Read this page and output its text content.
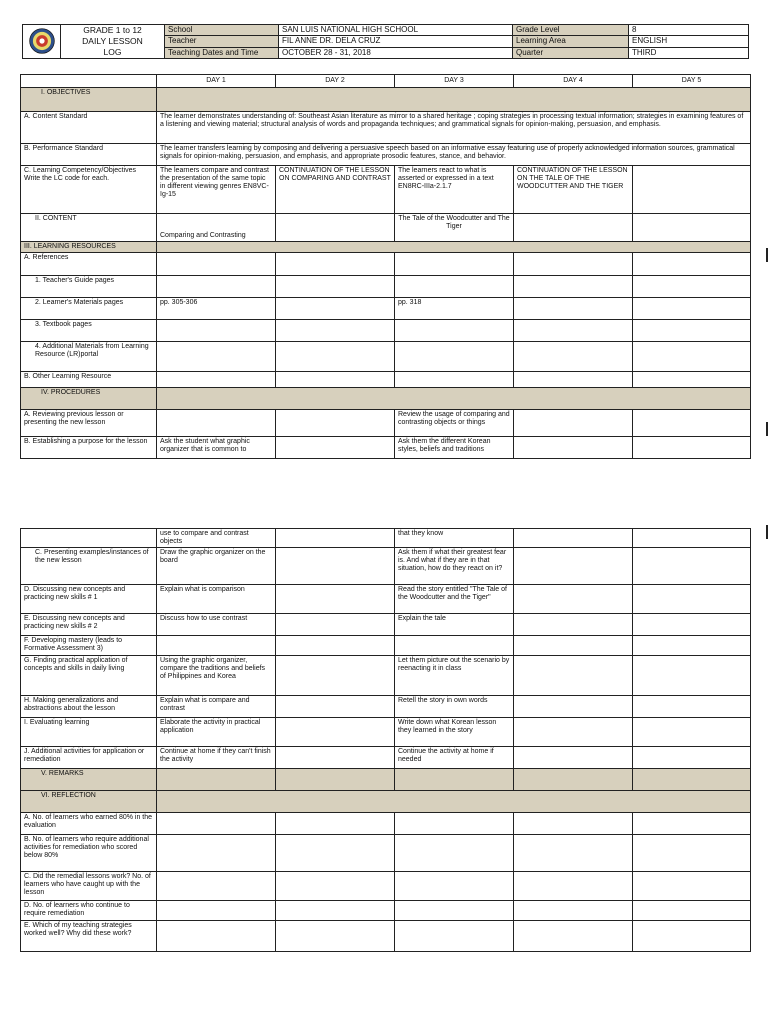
GRADE 1 to 12
DAILY LESSON
LOG	School	SAN LUIS NATIONAL HIGH SCHOOL	Grade Level	8
		Teacher	FIL ANNE DR. DELA CRUZ	Learning Area	ENGLISH
		Teaching Dates and Time	OCTOBER 28 - 31, 2018	Quarter	THIRD
	DAY 1	DAY 2	DAY 3	DAY 4	DAY 5
I. OBJECTIVES					
A. Content Standard	The learner demonstrates understanding of: Southeast Asian literature as mirror to a shared heritage ; coping strategies in processing textual information; strategies in examining features of a listening and viewing material; structural analysis of words and propaganda techniques; and grammatical signals for opinion-making, persuasion, and emphasis.				
B. Performance Standard	The learner transfers learning by composing and delivering a persuasive speech based on an informative essay featuring use of properly acknowledged information sources, grammatical signals for opinion-making, persuasion, and emphasis, and appropriate prosodic features, stance, and behavior.				
C. Learning Competency/Objectives Write the LC code for each.	The learners compare and contrast the presentation of the same topic in different viewing genres EN8VC-Ig-15	CONTINUATION OF THE LESSON ON COMPARING AND CONTRAST	The learners react to what is asserted or expressed in a text EN8RC-IIIa-2.1.7	CONTINUATION OF THE LESSON ON THE TALE OF THE WOODCUTTER AND THE TIGER	
II. CONTENT	Comparing and Contrasting		The Tale of the Woodcutter and The Tiger		
III. LEARNING RESOURCES					
A. References					
1. Teacher's Guide pages					
2. Learner's Materials pages	pp. 305-306		pp. 318		
3. Textbook pages					
4. Additional Materials from Learning Resource (LR)portal					
B. Other Learning Resource					
IV. PROCEDURES					
A. Reviewing previous lesson or presenting the new lesson			Review the usage of comparing and contrasting objects or things		
B. Establishing a purpose for the lesson	Ask the student what graphic organizer that is common to		Ask them the different Korean styles, beliefs and traditions		
	use to compare and contrast objects		that they know		
C. Presenting examples/instances of the new lesson	Draw the graphic organizer on the board		Ask them if what their greatest fear is. And what if they are in that situation, how do they react on it?		
D. Discussing new concepts and practicing new skills # 1	Explain what is comparison		Read the story entitled "The Tale of the Woodcutter and the Tiger"		
E. Discussing new concepts and practicing new skills # 2	Discuss how to use contrast		Explain the tale		
F. Developing mastery (leads to Formative Assessment 3)					
G. Finding practical application of concepts and skills in daily living	Using the graphic organizer, compare the traditions and beliefs of Philippines and Korea		Let them picture out the scenario by reenacting it in class		
H. Making generalizations and abstractions about the lesson	Explain what is compare and contrast		Retell the story in own words		
I. Evaluating learning	Elaborate the activity in practical application		Write down what Korean lesson they learned in the story		
J. Additional activities for application or remediation	Continue at home if they can't finish the activity		Continue the activity at home if needed		
V. REMARKS					
VI. REFLECTION					
A. No. of learners who earned 80% in the evaluation					
B. No. of learners who require additional activities for remediation who scored below 80%					
C. Did the remedial lessons work? No. of learners who have caught up with the lesson					
D. No. of learners who continue to require remediation					
E. Which of my teaching strategies worked well? Why did these work?					
